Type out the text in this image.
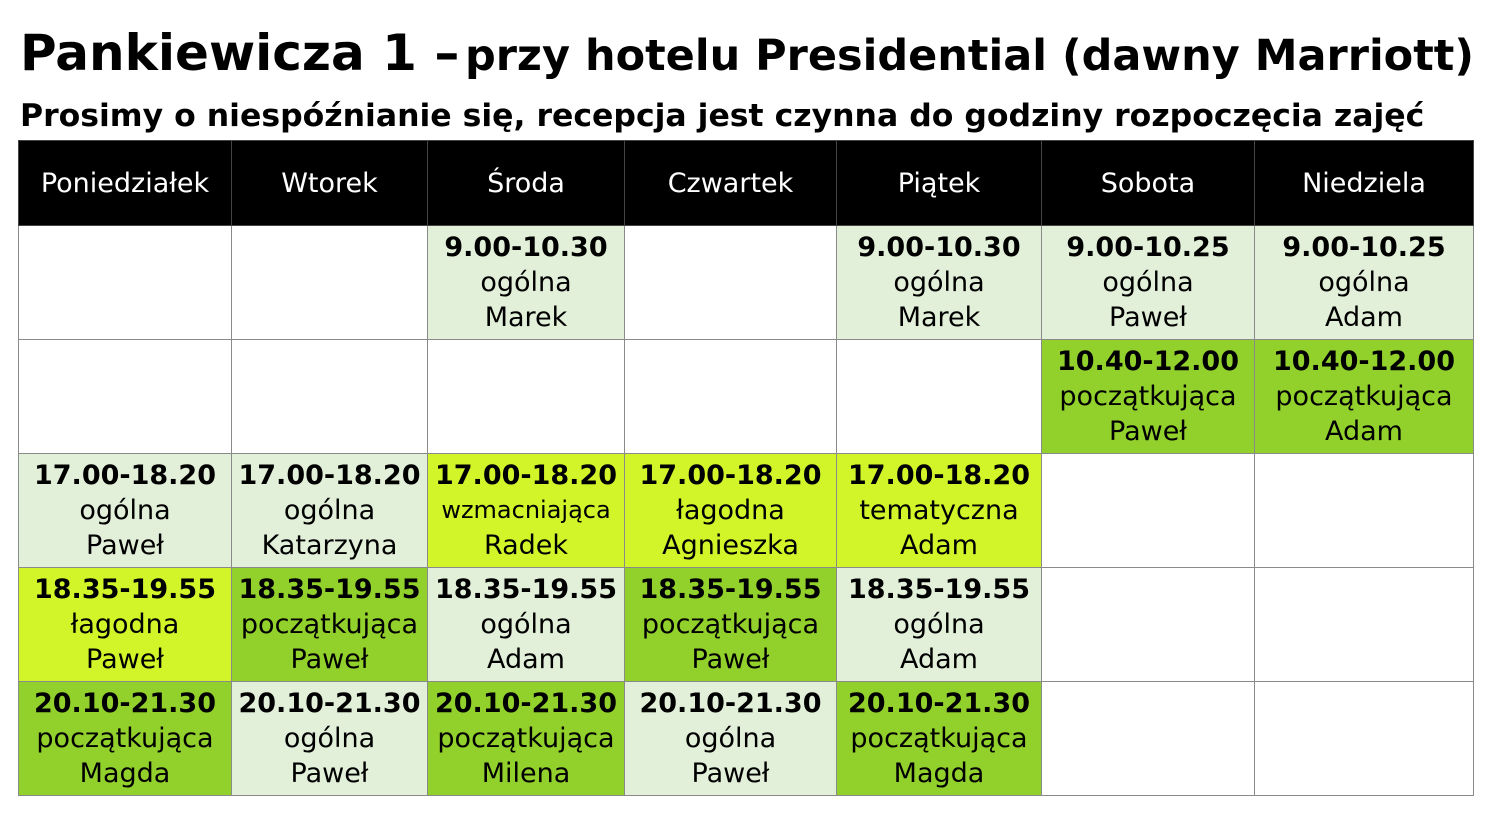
Pankiewicza 1 – przy hotelu Presidential (dawny Marriott)
Prosimy o niespóźnianie się, recepcja jest czynna do godziny rozpoczęcia zajęć
Poniedziałek	Wtorek	Środa	Czwartek	Piątek	Sobota	Niedziela

		9.00-10.30
ogólna
Marek		9.00-10.30
ogólna
Marek	9.00-10.25
ogólna
Paweł	9.00-10.25
ogólna
Adam

					10.40-12.00
początkująca
Paweł	10.40-12.00
początkująca
Adam

17.00-18.20
ogólna
Paweł	17.00-18.20
ogólna
Katarzyna	17.00-18.20
wzmacniająca
Radek	17.00-18.20
łagodna
Agnieszka	17.00-18.20
tematyczna
Adam		

18.35-19.55
łagodna
Paweł	18.35-19.55
początkująca
Paweł	18.35-19.55
ogólna
Adam	18.35-19.55
początkująca
Paweł	18.35-19.55
ogólna
Adam		

20.10-21.30
początkująca
Magda	20.10-21.30
ogólna
Paweł	20.10-21.30
początkująca
Milena	20.10-21.30
ogólna
Paweł	20.10-21.30
początkująca
Magda		
